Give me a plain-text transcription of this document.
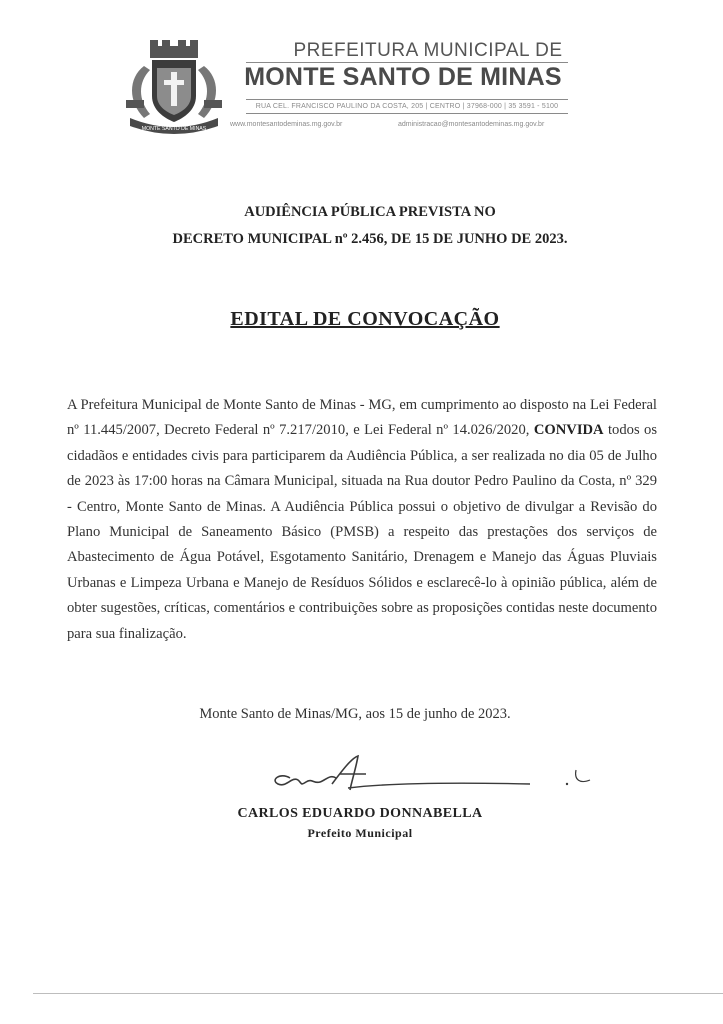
MONTE SANTO DE MINAS
PREFEITURA MUNICIPAL DE
MONTE SANTO DE MINAS
RUA CEL. FRANCISCO PAULINO DA COSTA, 205 | CENTRO | 37968-000 | 35 3591 - 5100
www.montesantodeminas.mg.gov.br	administracao@montesantodeminas.mg.gov.br
AUDIÊNCIA PÚBLICA PREVISTA NO
DECRETO MUNICIPAL nº 2.456, DE 15 DE JUNHO DE 2023.
EDITAL DE CONVOCAÇÃO

A Prefeitura Municipal de Monte Santo de Minas - MG, em cumprimento ao disposto na Lei Federal nº 11.445/2007, Decreto Federal nº 7.217/2010, e Lei Federal nº 14.026/2020, CONVIDA todos os cidadãos e entidades civis para participarem da Audiência Pública, a ser realizada no dia 05 de Julho de 2023 às 17:00 horas na Câmara Municipal, situada na Rua doutor Pedro Paulino da Costa, nº 329 - Centro, Monte Santo de Minas. A Audiência Pública possui o objetivo de divulgar a Revisão do Plano Municipal de Saneamento Básico (PMSB) a respeito das prestações dos serviços de Abastecimento de Água Potável, Esgotamento Sanitário, Drenagem e Manejo das Águas Pluviais Urbanas e Limpeza Urbana e Manejo de Resíduos Sólidos e esclarecê-lo à opinião pública, além de obter sugestões, críticas, comentários e contribuições sobre as proposições contidas neste documento para sua finalização.

Monte Santo de Minas/MG, aos 15 de junho de 2023.
CARLOS EDUARDO DONNABELLA
Prefeito Municipal
